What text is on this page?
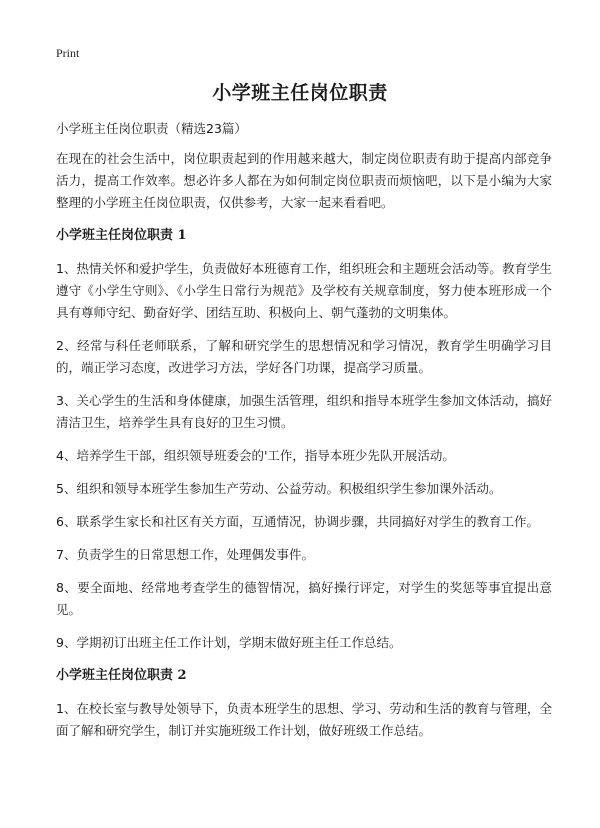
Print
小学班主任岗位职责

小学班主任岗位职责（精选23篇）

在现在的社会生活中，岗位职责起到的作用越来越大，制定岗位职责有助于提高内部竞争活力，提高工作效率。想必许多人都在为如何制定岗位职责而烦恼吧，以下是小编为大家整理的小学班主任岗位职责，仅供参考，大家一起来看看吧。

小学班主任岗位职责 1

1、热情关怀和爱护学生，负责做好本班德育工作，组织班会和主题班会活动等。教育学生遵守《小学生守则》、《小学生日常行为规范》及学校有关规章制度，努力使本班形成一个具有尊师守纪、勤奋好学、团结互助、积极向上、朝气蓬勃的文明集体。

2、经常与科任老师联系，了解和研究学生的思想情况和学习情况，教育学生明确学习目的，端正学习态度，改进学习方法，学好各门功课，提高学习质量。

3、关心学生的生活和身体健康，加强生活管理，组织和指导本班学生参加文体活动，搞好清洁卫生，培养学生具有良好的卫生习惯。

4、培养学生干部，组织领导班委会的'工作，指导本班少先队开展活动。

5、组织和领导本班学生参加生产劳动、公益劳动。积极组织学生参加课外活动。

6、联系学生家长和社区有关方面，互通情况，协调步骤，共同搞好对学生的教育工作。

7、负责学生的日常思想工作，处理偶发事件。

8、要全面地、经常地考查学生的德智情况，搞好操行评定，对学生的奖惩等事宜提出意见。

9、学期初订出班主任工作计划，学期末做好班主任工作总结。

小学班主任岗位职责 2

1、在校长室与教导处领导下，负责本班学生的思想、学习、劳动和生活的教育与管理，全面了解和研究学生，制订并实施班级工作计划，做好班级工作总结。
